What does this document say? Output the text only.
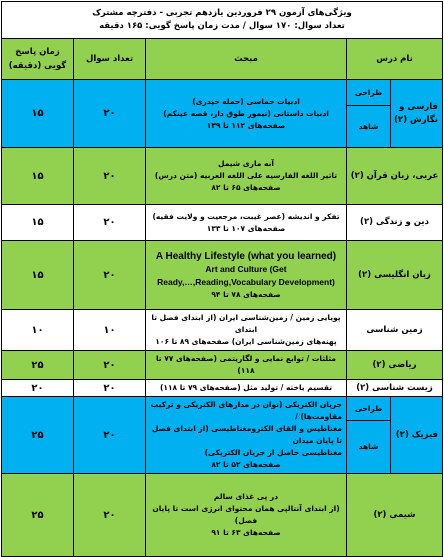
ویژگی‌های آزمون ۲۹ فروردین یازدهم تجربی - دفترچه مشترک
تعداد سوال: ۱۷۰ سوال / مدت زمان پاسخ گویی: ۱۶۵ دقیقه				

نام درس		مبحث	تعداد سوال	زمان پاسخ گویی (دقیقه)
فارسی و نگارش (۲)	طراحی	ادبیات حماسی (حمله حیدری)
ادبیات داستانی (تیمور طوق دار، قصه عینکم)
صفحه‌های ۱۱۲ تا ۱۳۹	۲۰	۱۵
	شاهد			
عربی، زبان قرآن (۲)		آنه ماری شیمل
تاثیر اللغه الفارسیه علی اللغه العربیه (متن درس)
صفحه‌های ۶۵ تا ۸۲	۲۰	۱۵
دین و زندگی (۲)		تفکر و اندیشه (عصر غیبت، مرجعیت و ولایت فقیه)
صفحه‌های ۱۰۷ تا ۱۳۳	۲۰	۱۵
زبان انگلیسی (۲)		A Healthy Lifestyle (what you learned)
Art and Culture (Get Ready,…,Reading,Vocabulary Development)
صفحه‌های ۷۸ تا ۹۴	۲۰	۱۵
زمین شناسی		پویایی زمین / زمین‌شناسی ایران (از ابتدای فصل تا ابتدای
پهنه‌های زمین‌شناسی ایران) صفحه‌های ۸۹ تا ۱۰۶	۱۰	۱۰
ریاضی (۲)		مثلثات / توابع نمایی و لگاریتمی (صفحه‌های ۷۷ تا ۱۱۸)	۲۰	۲۵
زیست شناسی (۲)		تقسیم یاخته / تولید مثل (صفحه‌های ۷۹ تا ۱۱۸)	۲۰	۲۰
فیزیک (۲)	طراحی	جریان الکتریکی (توان در مدارهای الکتریکی و ترکیب مقاومت‌ها) /
مغناطیس و القای الکترومغناطیسی (از ابتدای فصل تا پایان میدان
مغناطیسی حاصل از جریان الکتریکی)
صفحه‌های ۵۲ تا ۸۲	۲۰	۲۵
	شاهد			
شیمی (۲)		در پی غذای سالم
(از ابتدای آنتالپی همان محتوای انرژی است تا پایان فصل)
صفحه‌های ۶۳ تا ۹۱	۲۰	۲۵
